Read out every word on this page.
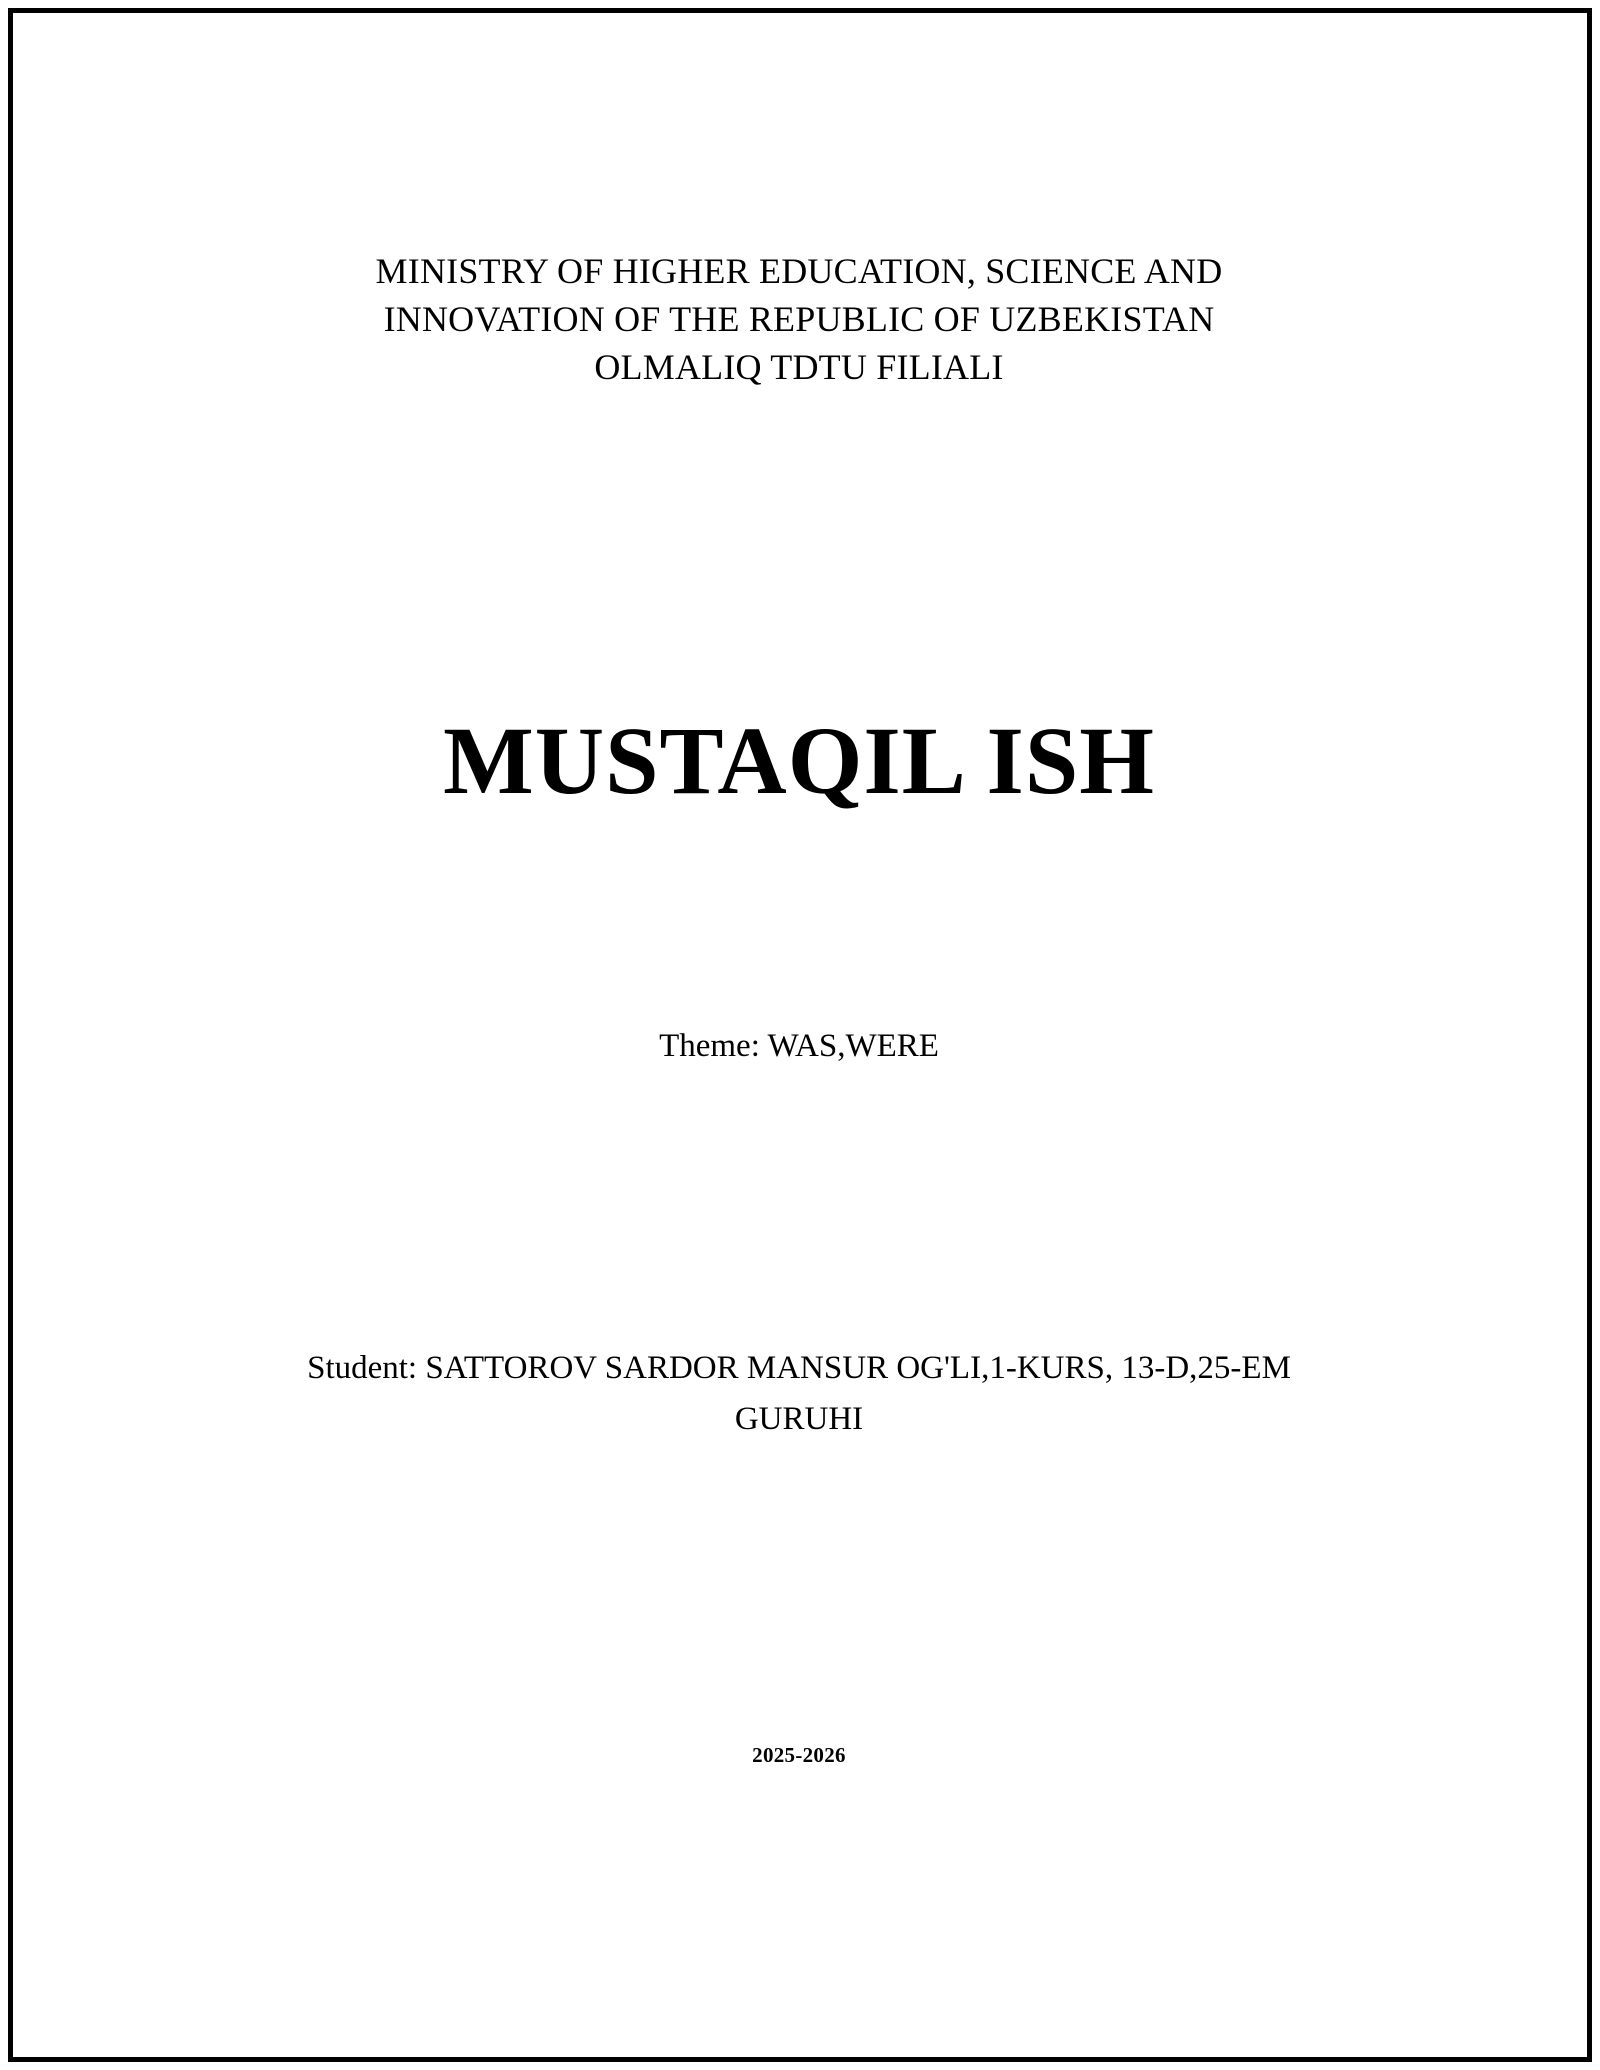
MINISTRY OF HIGHER EDUCATION, SCIENCE AND
INNOVATION OF THE REPUBLIC OF UZBEKISTAN
OLMALIQ TDTU FILIALI
MUSTAQIL ISH
Theme: WAS,WERE
Student: SATTOROV SARDOR MANSUR OG'LI,1-KURS, 13-D,25-EM
GURUHI
2025-2026
